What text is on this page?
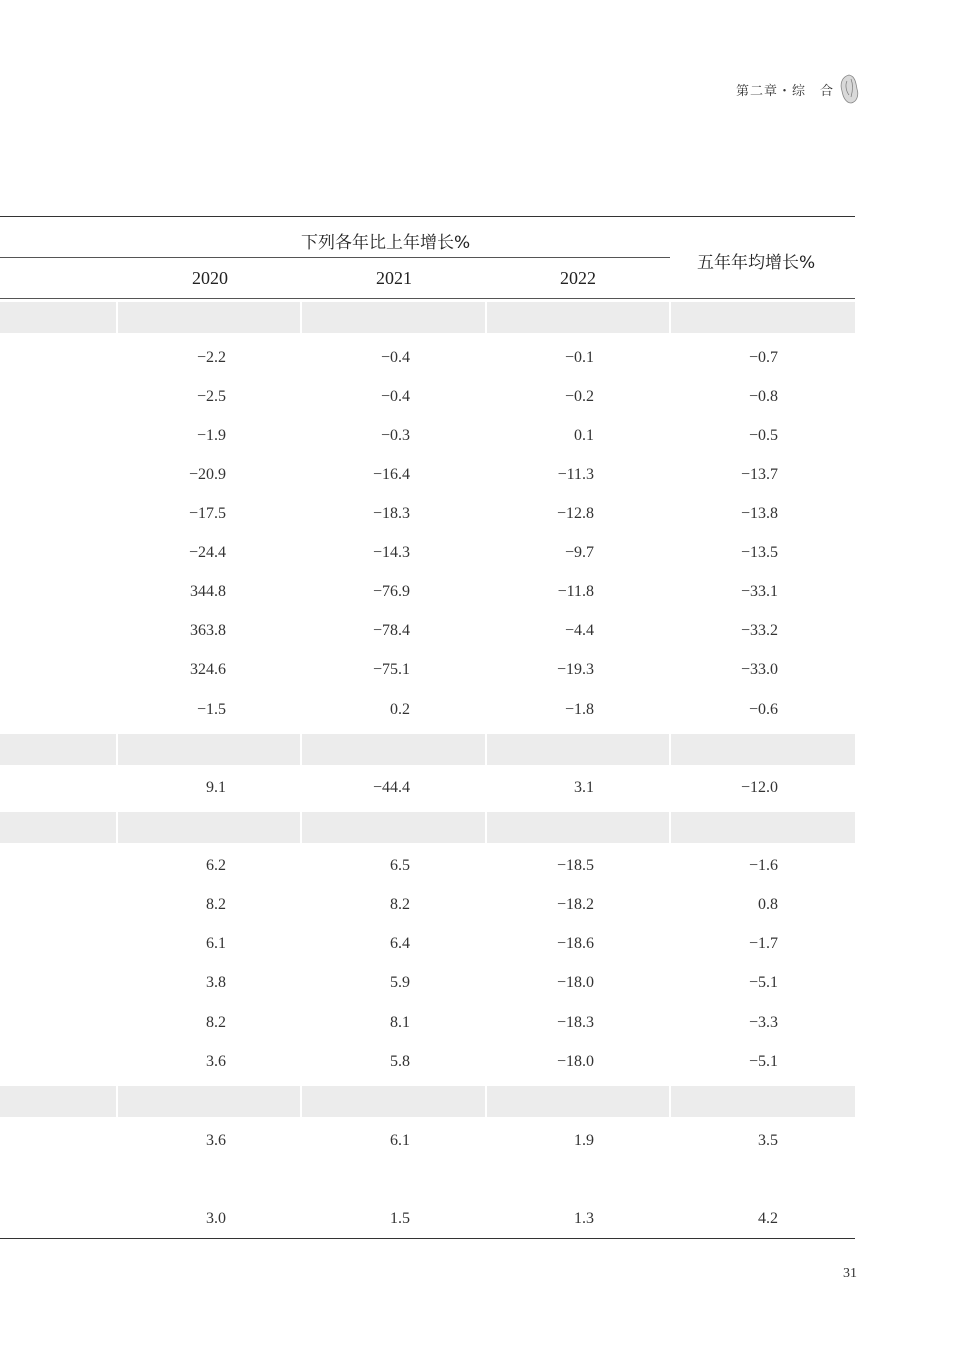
第二章・综　合
下列各年比上年增长%
五年年均增长%
2020	2021	2022
−2.2	−0.4	−0.1	−0.7
−2.5	−0.4	−0.2	−0.8
−1.9	−0.3	0.1	−0.5
−20.9	−16.4	−11.3	−13.7
−17.5	−18.3	−12.8	−13.8
−24.4	−14.3	−9.7	−13.5
344.8	−76.9	−11.8	−33.1
363.8	−78.4	−4.4	−33.2
324.6	−75.1	−19.3	−33.0
−1.5	0.2	−1.8	−0.6
9.1	−44.4	3.1	−12.0
6.2	6.5	−18.5	−1.6
8.2	8.2	−18.2	0.8
6.1	6.4	−18.6	−1.7
3.8	5.9	−18.0	−5.1
8.2	8.1	−18.3	−3.3
3.6	5.8	−18.0	−5.1
3.6	6.1	1.9	3.5
3.0	1.5	1.3	4.2
31
